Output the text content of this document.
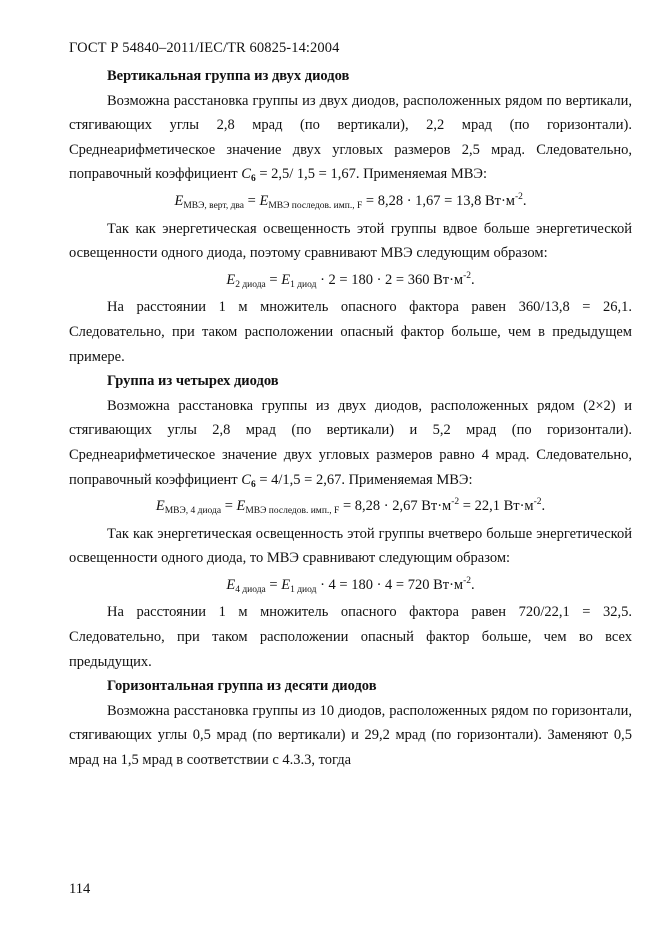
ГОСТ Р 54840–2011/IEC/TR 60825-14:2004

Вертикальная группа из двух диодов

Возможна расстановка группы из двух диодов, расположенных рядом по вертикали, стягивающих углы 2,8 мрад (по вертикали), 2,2 мрад (по горизонтали). Среднеарифметическое значение двух угловых размеров 2,5 мрад. Следовательно, поправочный коэффициент $C_6 = 2,5/$ 1,5 = 1,67. Применяемая МВЭ:

$E_{МВЭ, верт, два} = E_{МВЭ последов. имп., F} = 8,28 \cdot 1,67 = 13,8$ $Вт\cdot м^{-2}$.

Так как энергетическая освещенность этой группы вдвое больше энергетической освещенности одного диода, поэтому сравнивают МВЭ следующим образом:

$E_{2 диода} = E_{1 диод} \cdot 2 = 180 \cdot 2 = 360$ $Вт\cdot м^{-2}$.

На расстоянии 1 м множитель опасного фактора равен 360/13,8 = 26,1. Следовательно, при таком расположении опасный фактор больше, чем в предыдущем примере.

Группа из четырех диодов

Возможна расстановка группы из двух диодов, расположенных рядом (2×2) и стягивающих углы 2,8 мрад (по вертикали) и 5,2 мрад (по горизонтали). Среднеарифметическое значение двух угловых размеров равно 4 мрад. Следовательно, поправочный коэффициент $C_6 = 4/1,5 = 2,67$. Применяемая МВЭ:

$E_{МВЭ, 4 диода} = E_{МВЭ последов. имп., F} = 8,28 \cdot 2,67$ $Вт\cdot м^{-2} = 22,1$ $Вт\cdot м^{-2}$.

Так как энергетическая освещенность этой группы вчетверо больше энергетической освещенности одного диода, то МВЭ сравнивают следующим образом:

$E_{4 диода} = E_{1 диод} \cdot 4 = 180 \cdot 4 = 720$ $Вт\cdot м^{-2}$.

На расстоянии 1 м множитель опасного фактора равен 720/22,1 = 32,5. Следовательно, при таком расположении опасный фактор больше, чем во всех предыдущих.

Горизонтальная группа из десяти диодов

Возможна расстановка группы из 10 диодов, расположенных рядом по горизонтали, стягивающих углы 0,5 мрад (по вертикали) и 29,2 мрад (по горизонтали). Заменяют 0,5 мрад на 1,5 мрад в соответствии с 4.3.3, тогда

114
